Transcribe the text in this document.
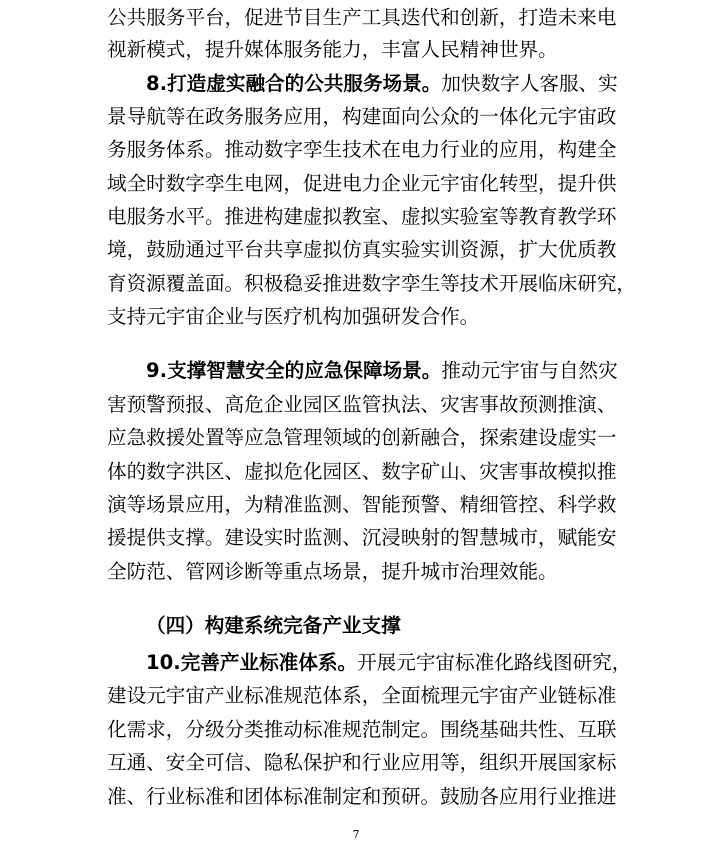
公共服务平台，促进节目生产工具迭代和创新，打造未来电
视新模式，提升媒体服务能力，丰富人民精神世界。
8.打造虚实融合的公共服务场景。加快数字人客服、实
景导航等在政务服务应用，构建面向公众的一体化元宇宙政
务服务体系。推动数字孪生技术在电力行业的应用，构建全
域全时数字孪生电网，促进电力企业元宇宙化转型，提升供
电服务水平。推进构建虚拟教室、虚拟实验室等教育教学环
境，鼓励通过平台共享虚拟仿真实验实训资源，扩大优质教
育资源覆盖面。积极稳妥推进数字孪生等技术开展临床研究，
支持元宇宙企业与医疗机构加强研发合作。
9.支撑智慧安全的应急保障场景。推动元宇宙与自然灾
害预警预报、高危企业园区监管执法、灾害事故预测推演、
应急救援处置等应急管理领域的创新融合，探索建设虚实一
体的数字洪区、虚拟危化园区、数字矿山、灾害事故模拟推
演等场景应用，为精准监测、智能预警、精细管控、科学救
援提供支撑。建设实时监测、沉浸映射的智慧城市，赋能安
全防范、管网诊断等重点场景，提升城市治理效能。
（四）构建系统完备产业支撑
10.完善产业标准体系。开展元宇宙标准化路线图研究，
建设元宇宙产业标准规范体系，全面梳理元宇宙产业链标准
化需求，分级分类推动标准规范制定。围绕基础共性、互联
互通、安全可信、隐私保护和行业应用等，组织开展国家标
准、行业标准和团体标准制定和预研。鼓励各应用行业推进
7
